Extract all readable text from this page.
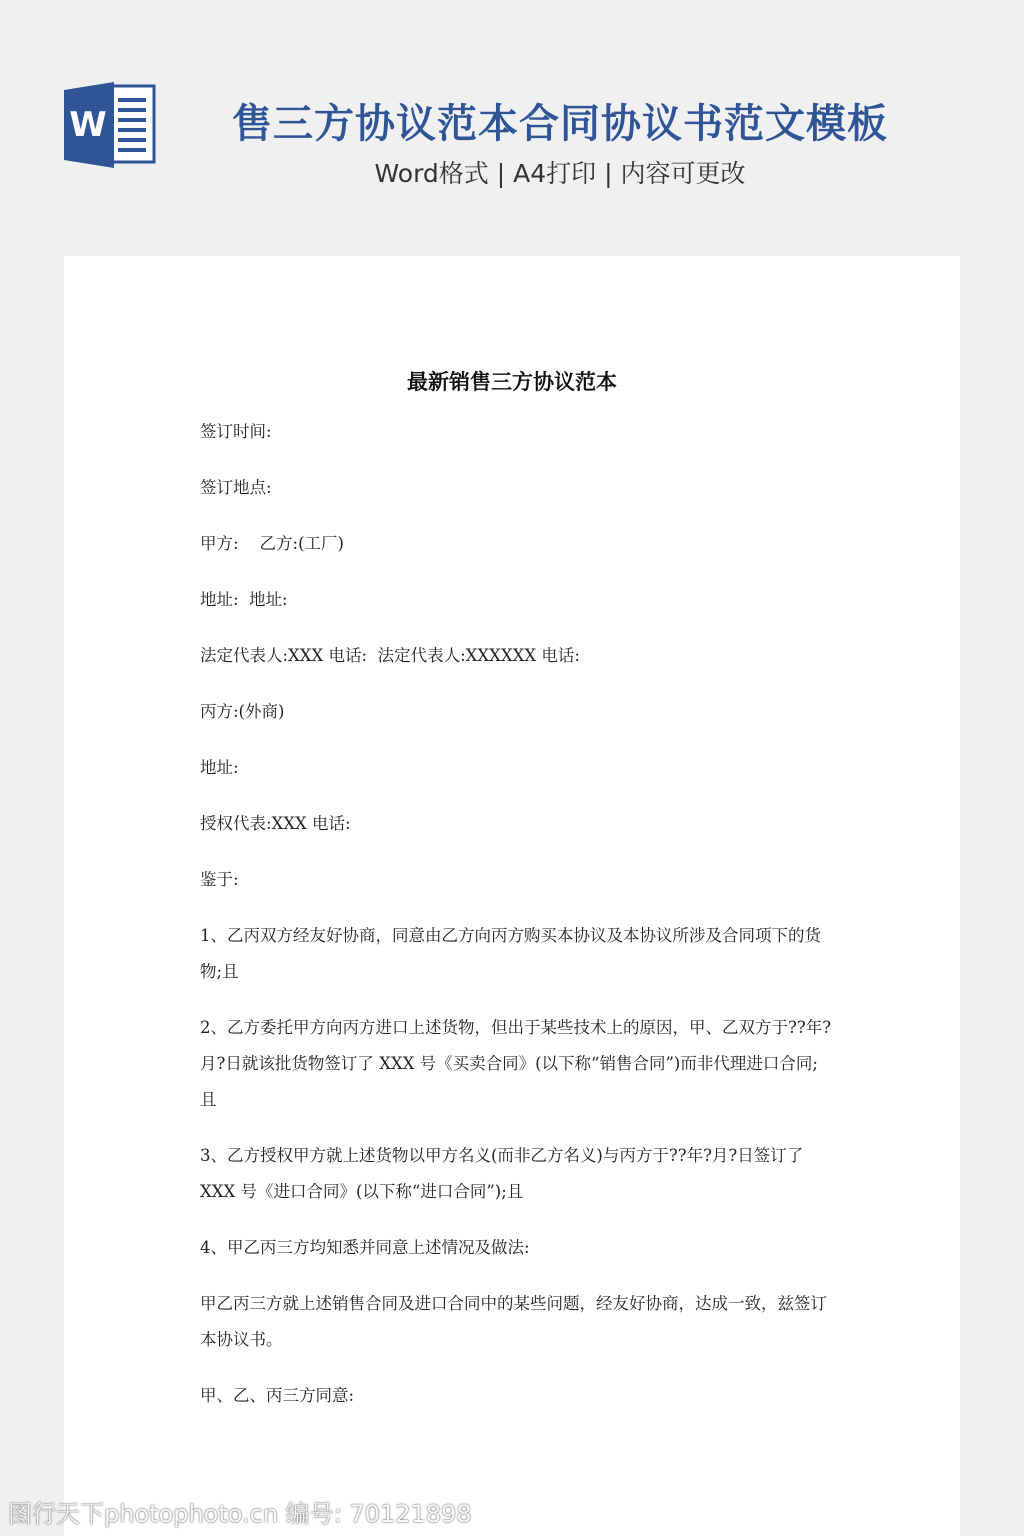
W	售三方协议范本合同协议书范文模板
Word格式 | A4打印 | 内容可更改
最新销售三方协议范本

签订时间:

签订地点:

甲方:    乙方:(工厂)

地址:  地址:

法定代表人:XXX 电话:  法定代表人:XXXXXX 电话:

丙方:(外商)

地址:

授权代表:XXX 电话:

鉴于:

1、乙丙双方经友好协商，同意由乙方向丙方购买本协议及本协议所涉及合同项下的货物;且

2、乙方委托甲方向丙方进口上述货物，但出于某些技术上的原因，甲、乙双方于??年?月?日就该批货物签订了 XXX 号《买卖合同》(以下称“销售合同”)而非代理进口合同;且

3、乙方授权甲方就上述货物以甲方名义(而非乙方名义)与丙方于??年?月?日签订了 XXX 号《进口合同》(以下称“进口合同”);且

4、甲乙丙三方均知悉并同意上述情况及做法:

甲乙丙三方就上述销售合同及进口合同中的某些问题，经友好协商，达成一致，兹签订本协议书。

甲、乙、丙三方同意:

图行天下photophoto.cn 编号: 70121898
